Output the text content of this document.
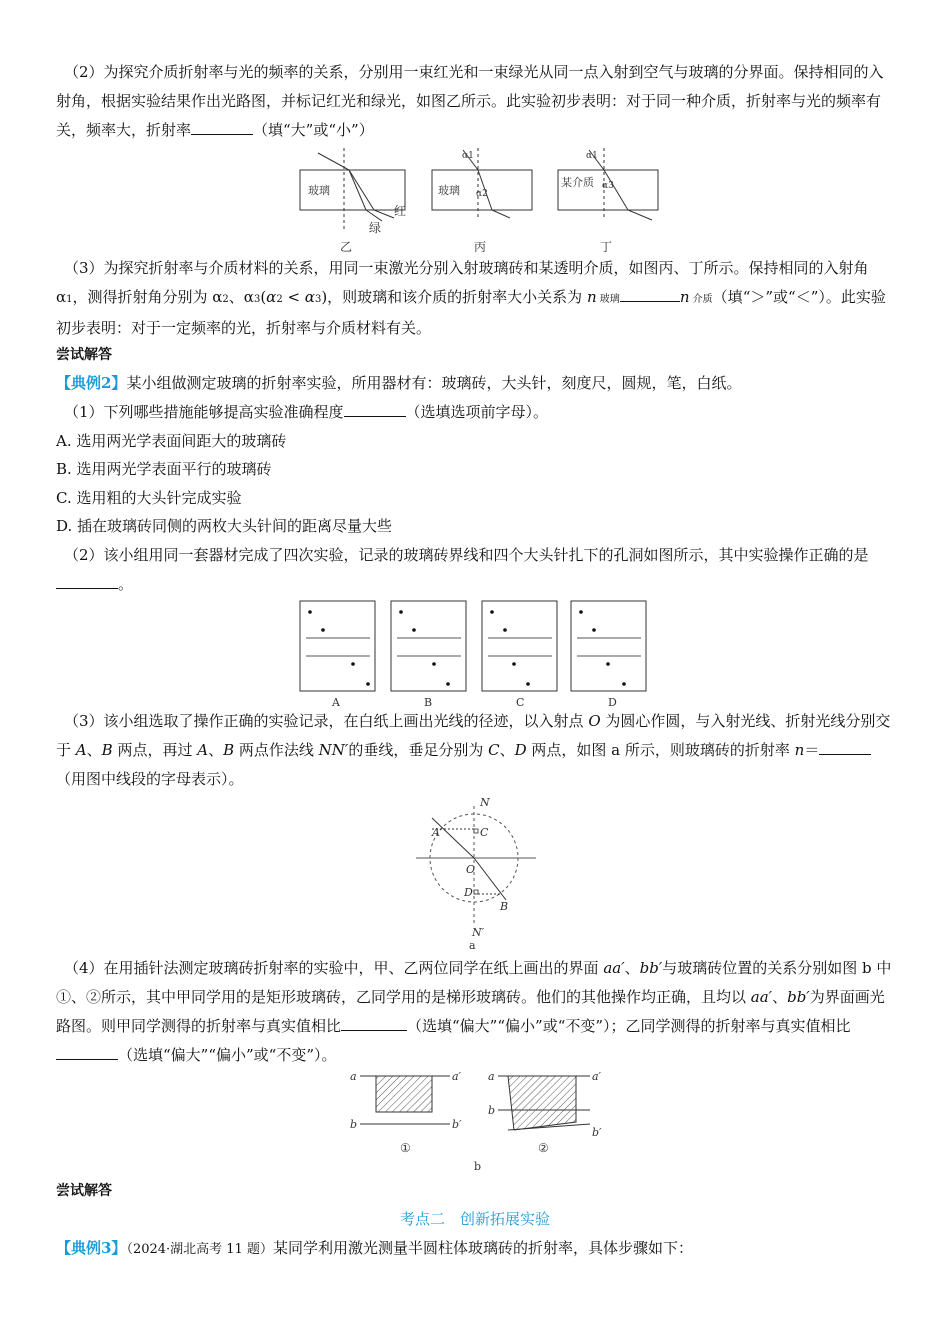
（2）为探究介质折射率与光的频率的关系，分别用一束红光和一束绿光从同一点入射到空气与玻璃的分界面。保持相同的入射角，根据实验结果作出光路图，并标记红光和绿光，如图乙所示。此实验初步表明：对于同一种介质，折射率与光的频率有关，频率大，折射率	（填“大”或“小”）

玻璃
红
绿
乙
α1
α2
玻璃
丙
α1
α3
某介质
丁

（3）为探究折射率与介质材料的关系，用同一束激光分别入射玻璃砖和某透明介质，如图丙、丁所示。保持相同的入射角 α1，测得折射角分别为 α2、α3(α2 < α3)，则玻璃和该介质的折射率大小关系为 n 玻璃	n 介质（填“＞”或“＜”）。此实验初步表明：对于一定频率的光，折射率与介质材料有关。

尝试解答

【典例2】某小组做测定玻璃的折射率实验，所用器材有：玻璃砖，大头针，刻度尺，圆规，笔，白纸。

（1）下列哪些措施能够提高实验准确程度	（选填选项前字母）。

A. 选用两光学表面间距大的玻璃砖

B. 选用两光学表面平行的玻璃砖

C. 选用粗的大头针完成实验

D. 插在玻璃砖同侧的两枚大头针间的距离尽量大些

（2）该小组用同一套器材完成了四次实验，记录的玻璃砖界线和四个大头针扎下的孔洞如图所示，其中实验操作正确的是。

A	B	C	D

（3）该小组选取了操作正确的实验记录，在白纸上画出光线的径迹，以入射点 O 为圆心作圆，与入射光线、折射光线分别交于 A、B 两点，再过 A、B 两点作法线 NN′的垂线，垂足分别为 C、D 两点，如图 a 所示，则玻璃砖的折射率 n＝（用图中线段的字母表示）。

N
A	C
O
D
B
N′
a

（4）在用插针法测定玻璃砖折射率的实验中，甲、乙两位同学在纸上画出的界面 aa′、bb′与玻璃砖位置的关系分别如图 b 中①、②所示，其中甲同学用的是矩形玻璃砖，乙同学用的是梯形玻璃砖。他们的其他操作均正确，且均以 aa′、bb′为界面画光路图。则甲同学测得的折射率与真实值相比	（选填“偏大”“偏小”或“不变”）；乙同学测得的折射率与真实值相比（选填“偏大”“偏小”或“不变”）。

a	a′
b	b′
①
a	a′
b
b′
②
b

尝试解答

考点二　创新拓展实验

【典例3】（2024·湖北高考 11 题）某同学利用激光测量半圆柱体玻璃砖的折射率，具体步骤如下：
